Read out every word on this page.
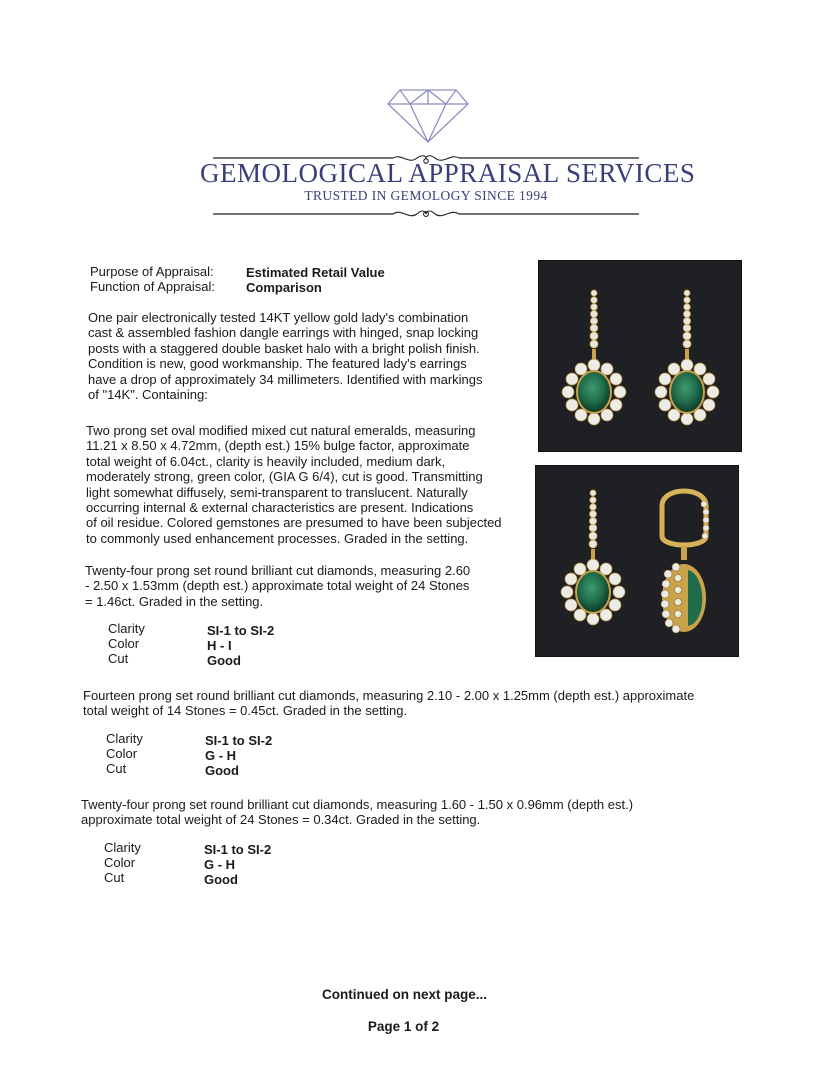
GEMOLOGICAL APPRAISAL SERVICES
TRUSTED IN GEMOLOGY SINCE 1994
Purpose of Appraisal: Estimated Retail Value
Function of Appraisal: Comparison
One pair electronically tested 14KT yellow gold lady's combination
cast & assembled fashion dangle earrings with hinged, snap locking
posts with a staggered double basket halo with a bright polish finish.
Condition is new, good workmanship. The featured lady's earrings
have a drop of approximately 34 millimeters. Identified with markings
of "14K". Containing:
Two prong set oval modified mixed cut natural emeralds, measuring
11.21 x 8.50 x 4.72mm, (depth est.) 15% bulge factor, approximate
total weight of 6.04ct., clarity is heavily included, medium dark,
moderately strong, green color, (GIA G 6/4), cut is good. Transmitting
light somewhat diffusely, semi-transparent to translucent. Naturally
occurring internal & external characteristics are present. Indications
of oil residue. Colored gemstones are presumed to have been subjected
to commonly used enhancement processes. Graded in the setting.
Twenty-four prong set round brilliant cut diamonds, measuring 2.60
- 2.50 x 1.53mm (depth est.) approximate total weight of 24 Stones
= 1.46ct. Graded in the setting.
Clarity	SI-1 to SI-2
Color	H - I
Cut	Good
Fourteen prong set round brilliant cut diamonds, measuring 2.10 - 2.00 x 1.25mm (depth est.) approximate
total weight of 14 Stones = 0.45ct. Graded in the setting.
Clarity	SI-1 to SI-2
Color	G - H
Cut	Good
Twenty-four prong set round brilliant cut diamonds, measuring 1.60 - 1.50 x 0.96mm (depth est.)
approximate total weight of 24 Stones = 0.34ct. Graded in the setting.
Clarity	SI-1 to SI-2
Color	G - H
Cut	Good
Continued on next page...
Page 1 of 2
